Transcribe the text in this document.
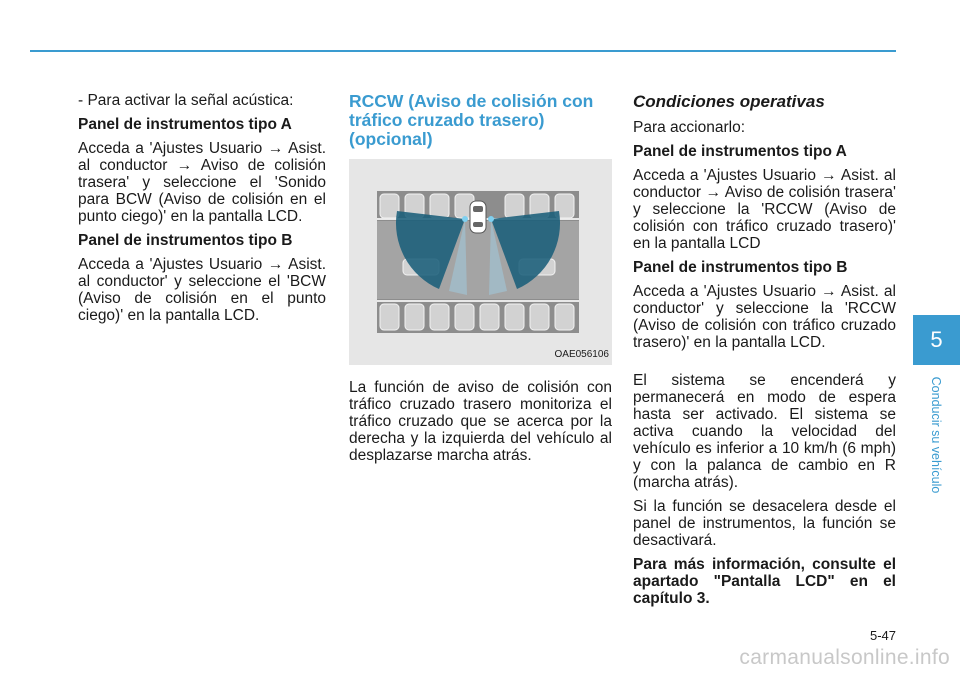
- Para activar la señal acústica:

Panel de instrumentos tipo A

Acceda a 'Ajustes Usuario → Asist. al conductor → Aviso de colisión trasera' y seleccione el 'Sonido para BCW (Aviso de colisión en el punto ciego)' en la pantalla LCD.

Panel de instrumentos tipo B

Acceda a 'Ajustes Usuario → Asist. al conductor' y seleccione el 'BCW (Aviso de colisión en el punto ciego)' en la pantalla LCD.

RCCW (Aviso de colisión con tráfico cruzado trasero) (opcional)
OAE056106

La función de aviso de colisión con tráfico cruzado trasero monitoriza el tráfico cruzado que se acerca por la derecha y la izquierda del vehículo al desplazarse marcha atrás.

Condiciones operativas

Para accionarlo:

Panel de instrumentos tipo A

Acceda a 'Ajustes Usuario → Asist. al conductor → Aviso de colisión trasera' y seleccione la 'RCCW (Aviso de colisión con tráfico cruzado trasero)' en la pantalla LCD

Panel de instrumentos tipo B

Acceda a 'Ajustes Usuario → Asist. al conductor' y seleccione la 'RCCW (Aviso de colisión con tráfico cruzado trasero)' en la pantalla LCD.

El sistema se encenderá y permanecerá en modo de espera hasta ser activado. El sistema se activa cuando la velocidad del vehículo es inferior a 10 km/h (6 mph) y con la palanca de cambio en R (marcha atrás).

Si la función se desacelera desde el panel de instrumentos, la función se desactivará.

Para más información, consulte el apartado "Pantalla LCD" en el capítulo 3.

5
Conducir su vehículo
5-47
carmanualsonline.info
